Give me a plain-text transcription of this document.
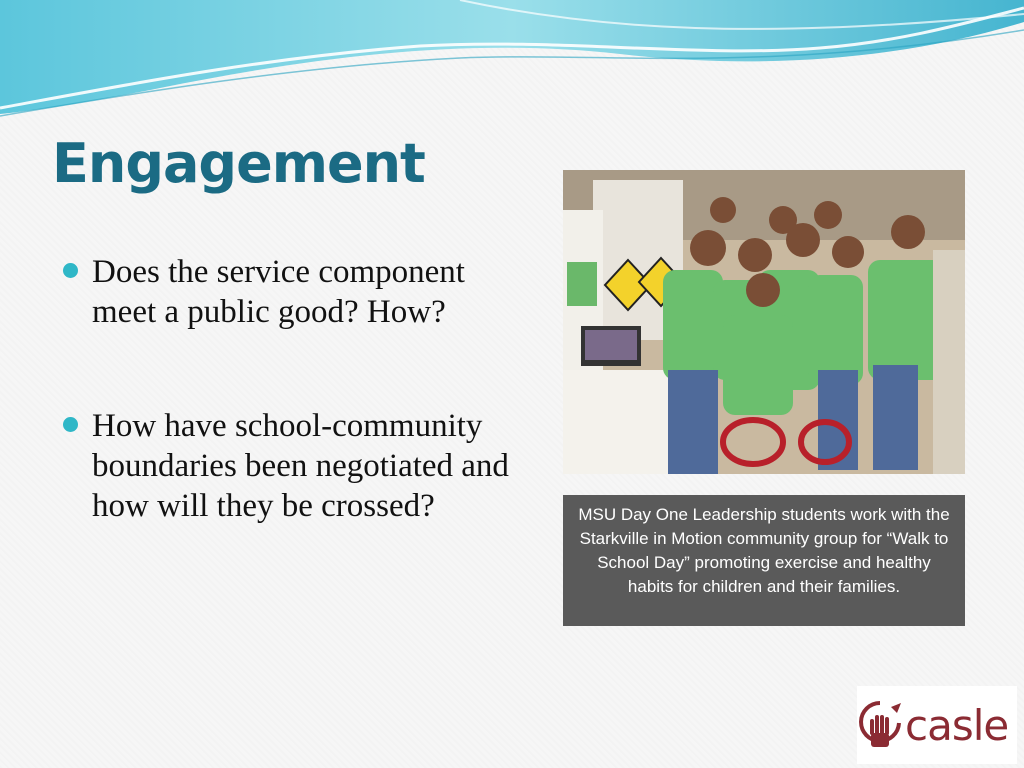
Engagement
Does the service component meet a public good? How?
How have school-community boundaries been negotiated and how will they be crossed?	MSU Day One Leadership students work with the Starkville in Motion community group for “Walk to School Day” promoting exercise and healthy habits for children and their families.
casle
